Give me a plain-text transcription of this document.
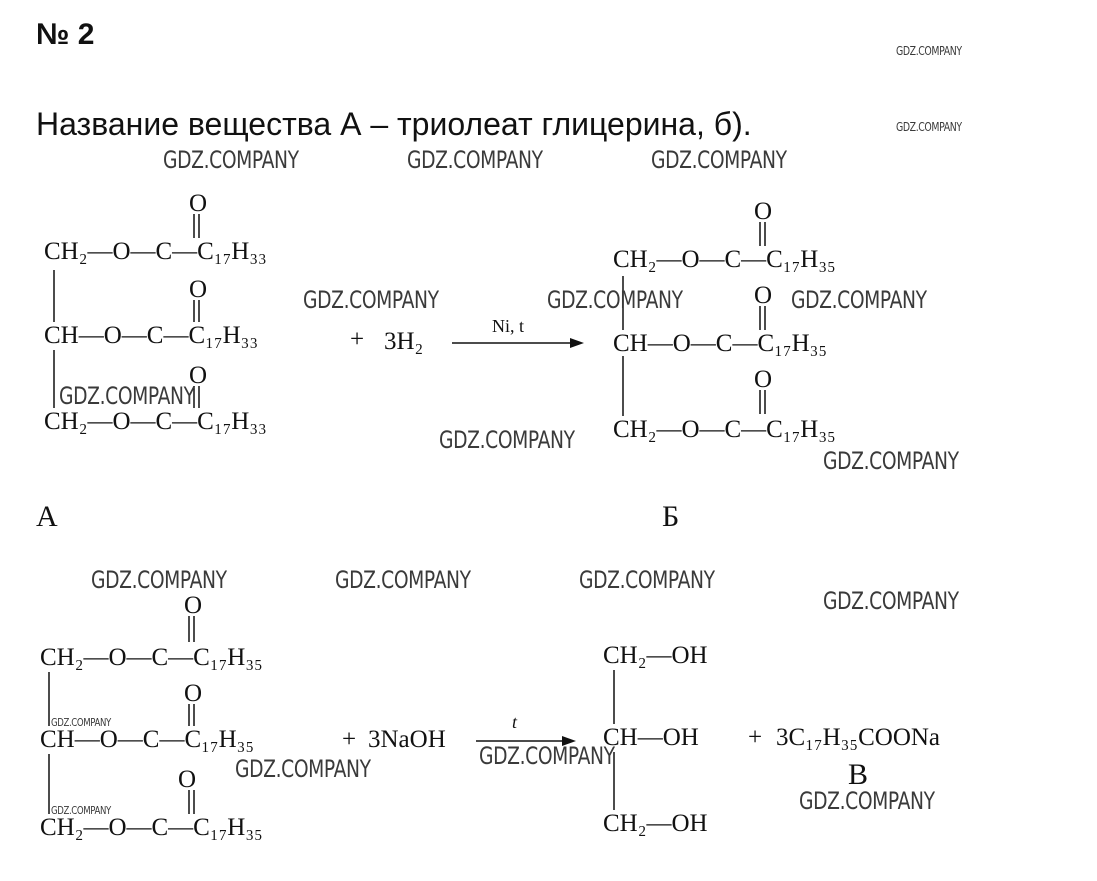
№ 2
Название вещества А – триолеат глицерина, б).
O
CH₂—O—C—C₁₇H₃₃
O
CH—O—C—C₁₇H₃₃
O
CH₂—O—C—C₁₇H₃₃
+ 3H₂
Ni, t
O
CH₂—O—C—C₁₇H₃₅
O
CH—O—C—C₁₇H₃₅
O
CH₂—O—C—C₁₇H₃₅
А	Б
O
CH₂—O—C—C₁₇H₃₅
O
CH—O—C—C₁₇H₃₅
O
CH₂—O—C—C₁₇H₃₅
+ 3NaOH
t
CH₂—OH
CH—OH
CH₂—OH
+ 3C₁₇H₃₅COONa
В
GDZ.COMPANY
GDZ.COMPANY
GDZ.COMPANY	GDZ.COMPANY	GDZ.COMPANY
GDZ.COMPANY	GDZ.COMPANY	GDZ.COMPANY
GDZ.COMPANY
GDZ.COMPANY
GDZ.COMPANY
GDZ.COMPANY	GDZ.COMPANY	GDZ.COMPANY
GDZ.COMPANY
GDZ.COMPANY
GDZ.COMPANY
GDZ.COMPANY
GDZ.COMPANY
GDZ.COMPANY
